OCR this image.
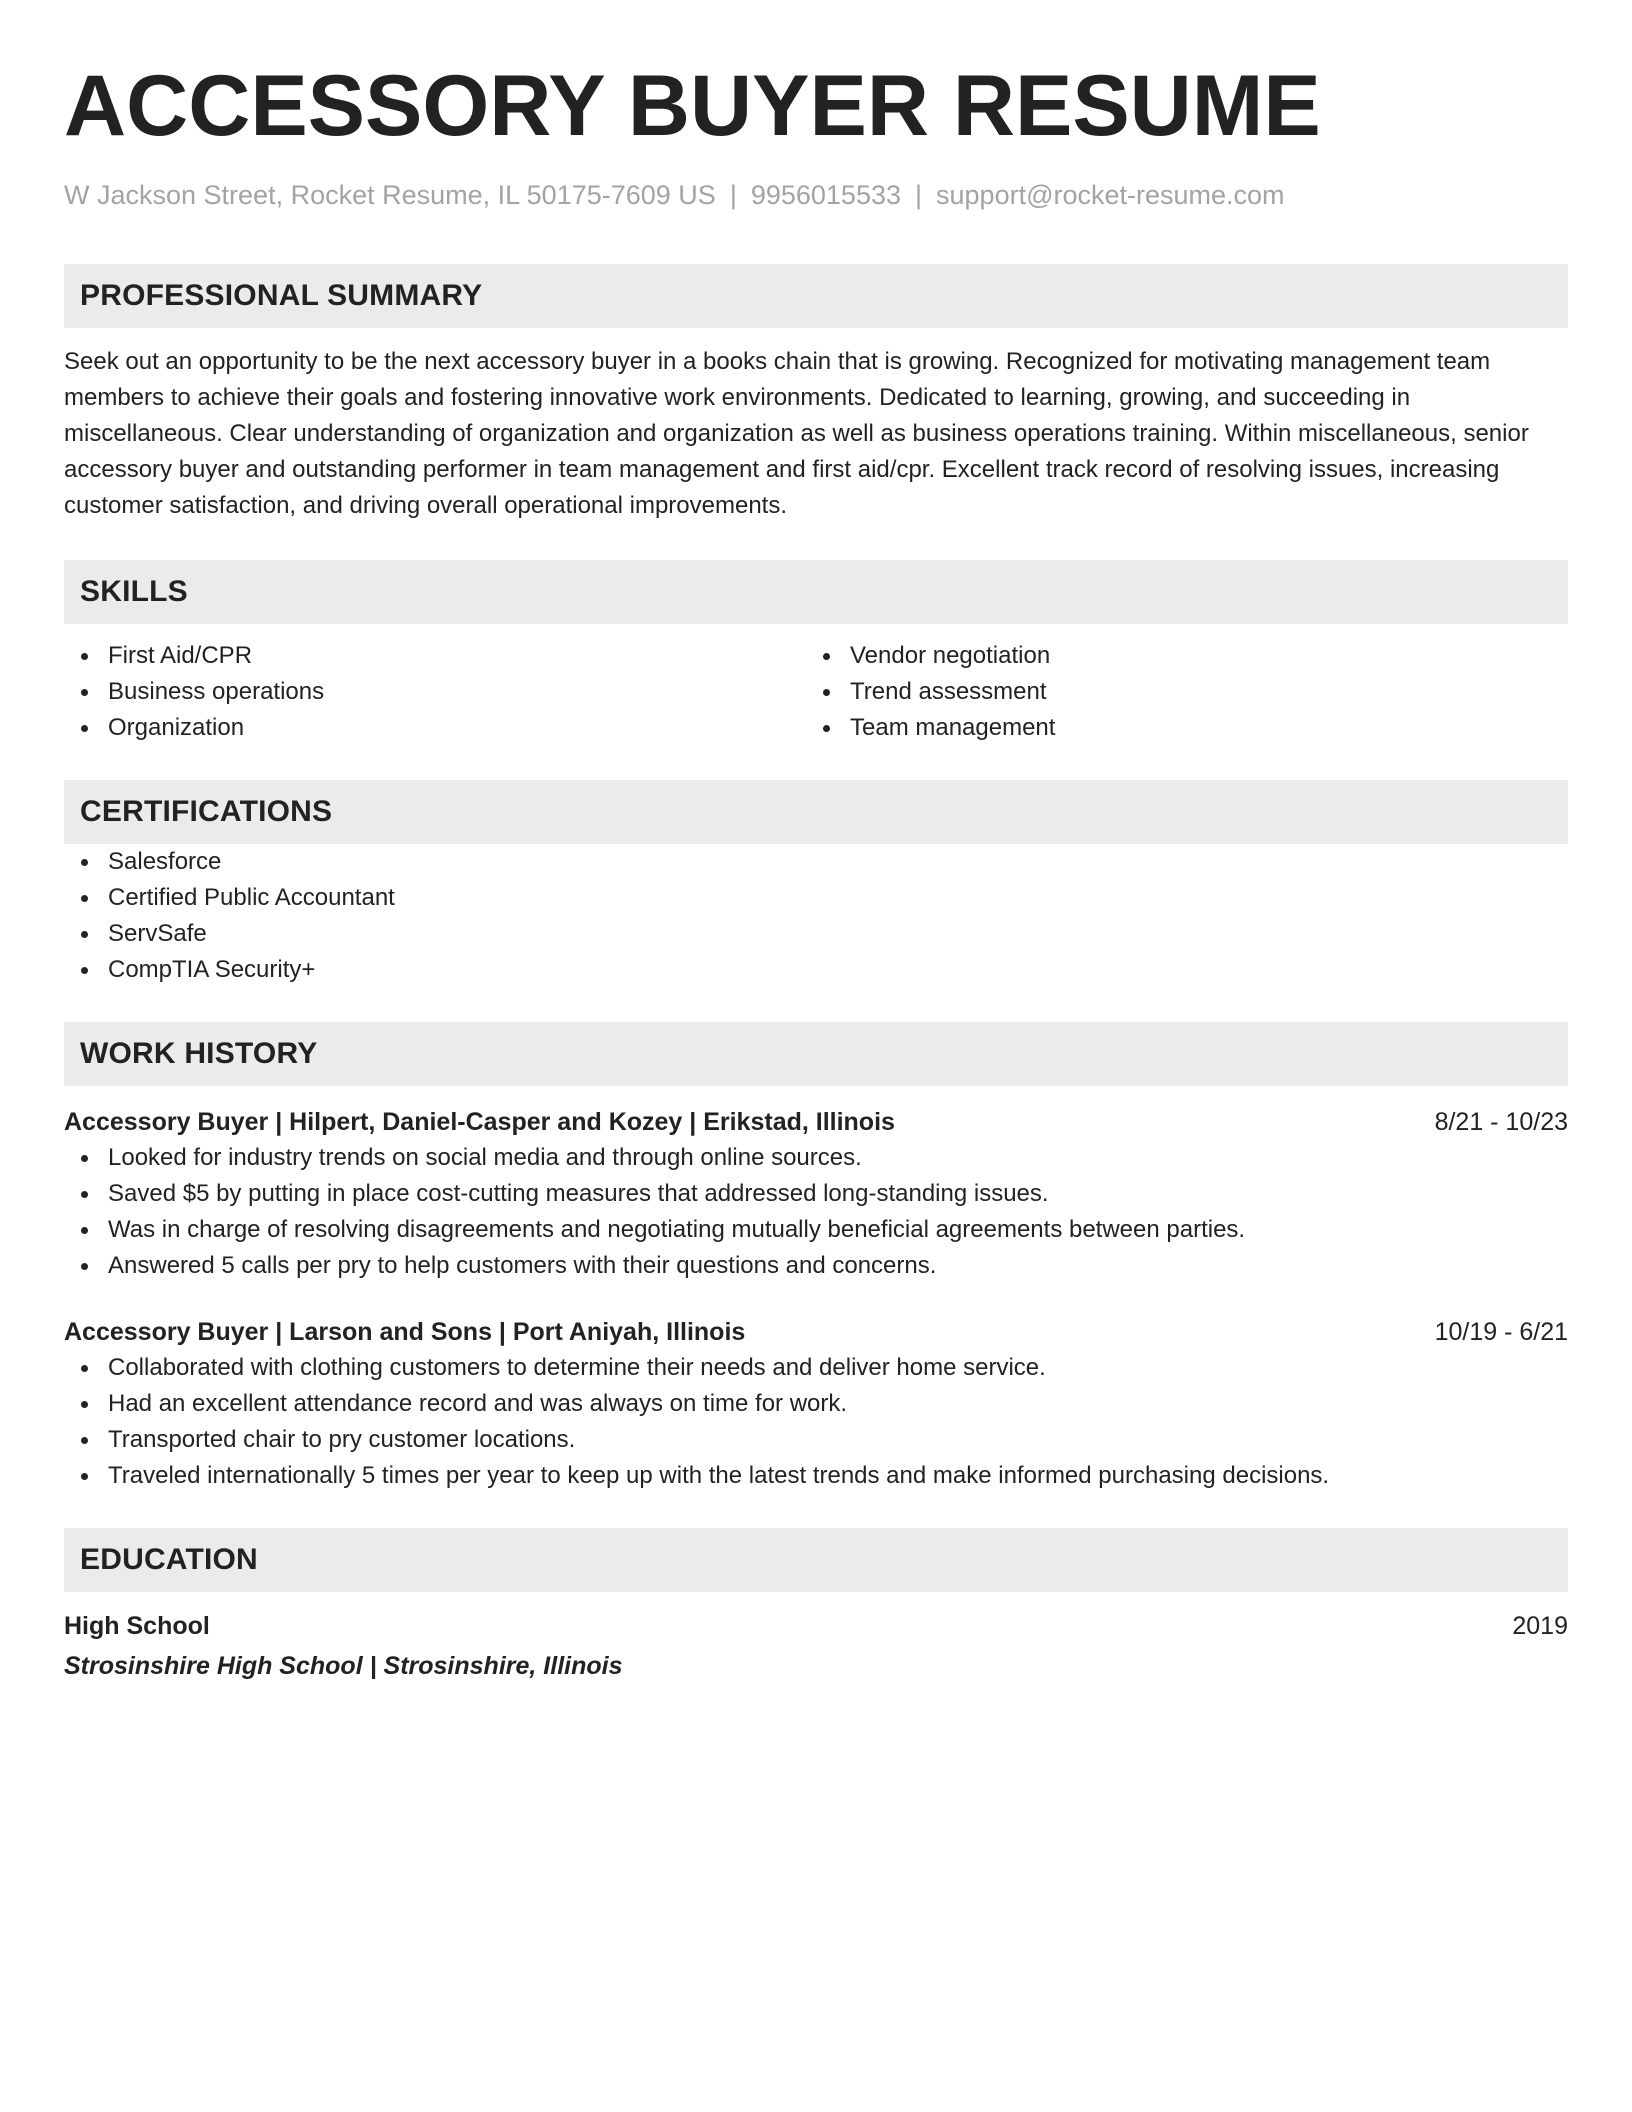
ACCESSORY BUYER RESUME
W Jackson Street, Rocket Resume, IL 50175-7609 US | 9956015533 | support@rocket-resume.com
PROFESSIONAL SUMMARY
Seek out an opportunity to be the next accessory buyer in a books chain that is growing. Recognized for motivating management team members to achieve their goals and fostering innovative work environments. Dedicated to learning, growing, and succeeding in miscellaneous. Clear understanding of organization and organization as well as business operations training. Within miscellaneous, senior accessory buyer and outstanding performer in team management and first aid/cpr. Excellent track record of resolving issues, increasing customer satisfaction, and driving overall operational improvements.
SKILLS
First Aid/CPR
Business operations
Organization
Vendor negotiation
Trend assessment
Team management
CERTIFICATIONS
Salesforce
Certified Public Accountant
ServSafe
CompTIA Security+
WORK HISTORY
Accessory Buyer | Hilpert, Daniel-Casper and Kozey | Erikstad, Illinois	8/21 - 10/23
Looked for industry trends on social media and through online sources.
Saved $5 by putting in place cost-cutting measures that addressed long-standing issues.
Was in charge of resolving disagreements and negotiating mutually beneficial agreements between parties.
Answered 5 calls per pry to help customers with their questions and concerns.
Accessory Buyer | Larson and Sons | Port Aniyah, Illinois	10/19 - 6/21
Collaborated with clothing customers to determine their needs and deliver home service.
Had an excellent attendance record and was always on time for work.
Transported chair to pry customer locations.
Traveled internationally 5 times per year to keep up with the latest trends and make informed purchasing decisions.
EDUCATION
High School	2019
Strosinshire High School | Strosinshire, Illinois
